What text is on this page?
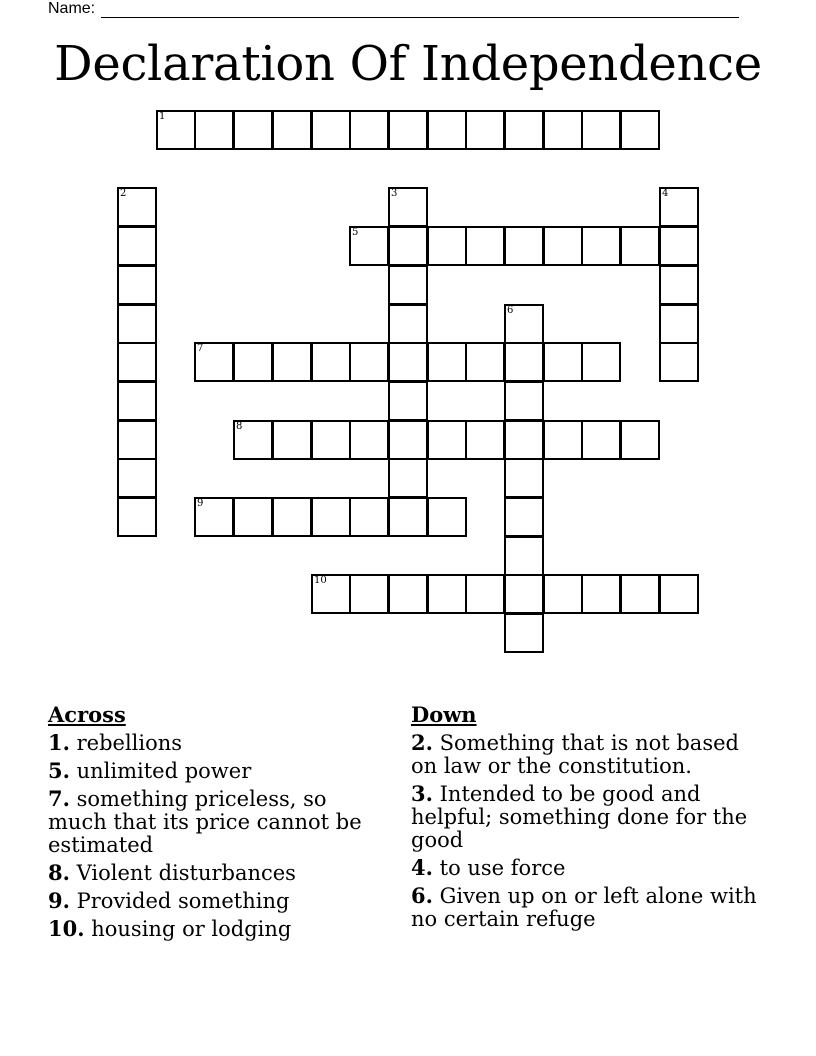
Name:
Declaration Of Independence
1
2	3	4
5
6
7
8
9
10
Across
1. rebellions
5. unlimited power
7. something priceless, so much that its price cannot be estimated
8. Violent disturbances
9. Provided something
10. housing or lodging
Down
2. Something that is not based on law or the constitution.
3. Intended to be good and helpful; something done for the good
4. to use force
6. Given up on or left alone with no certain refuge
